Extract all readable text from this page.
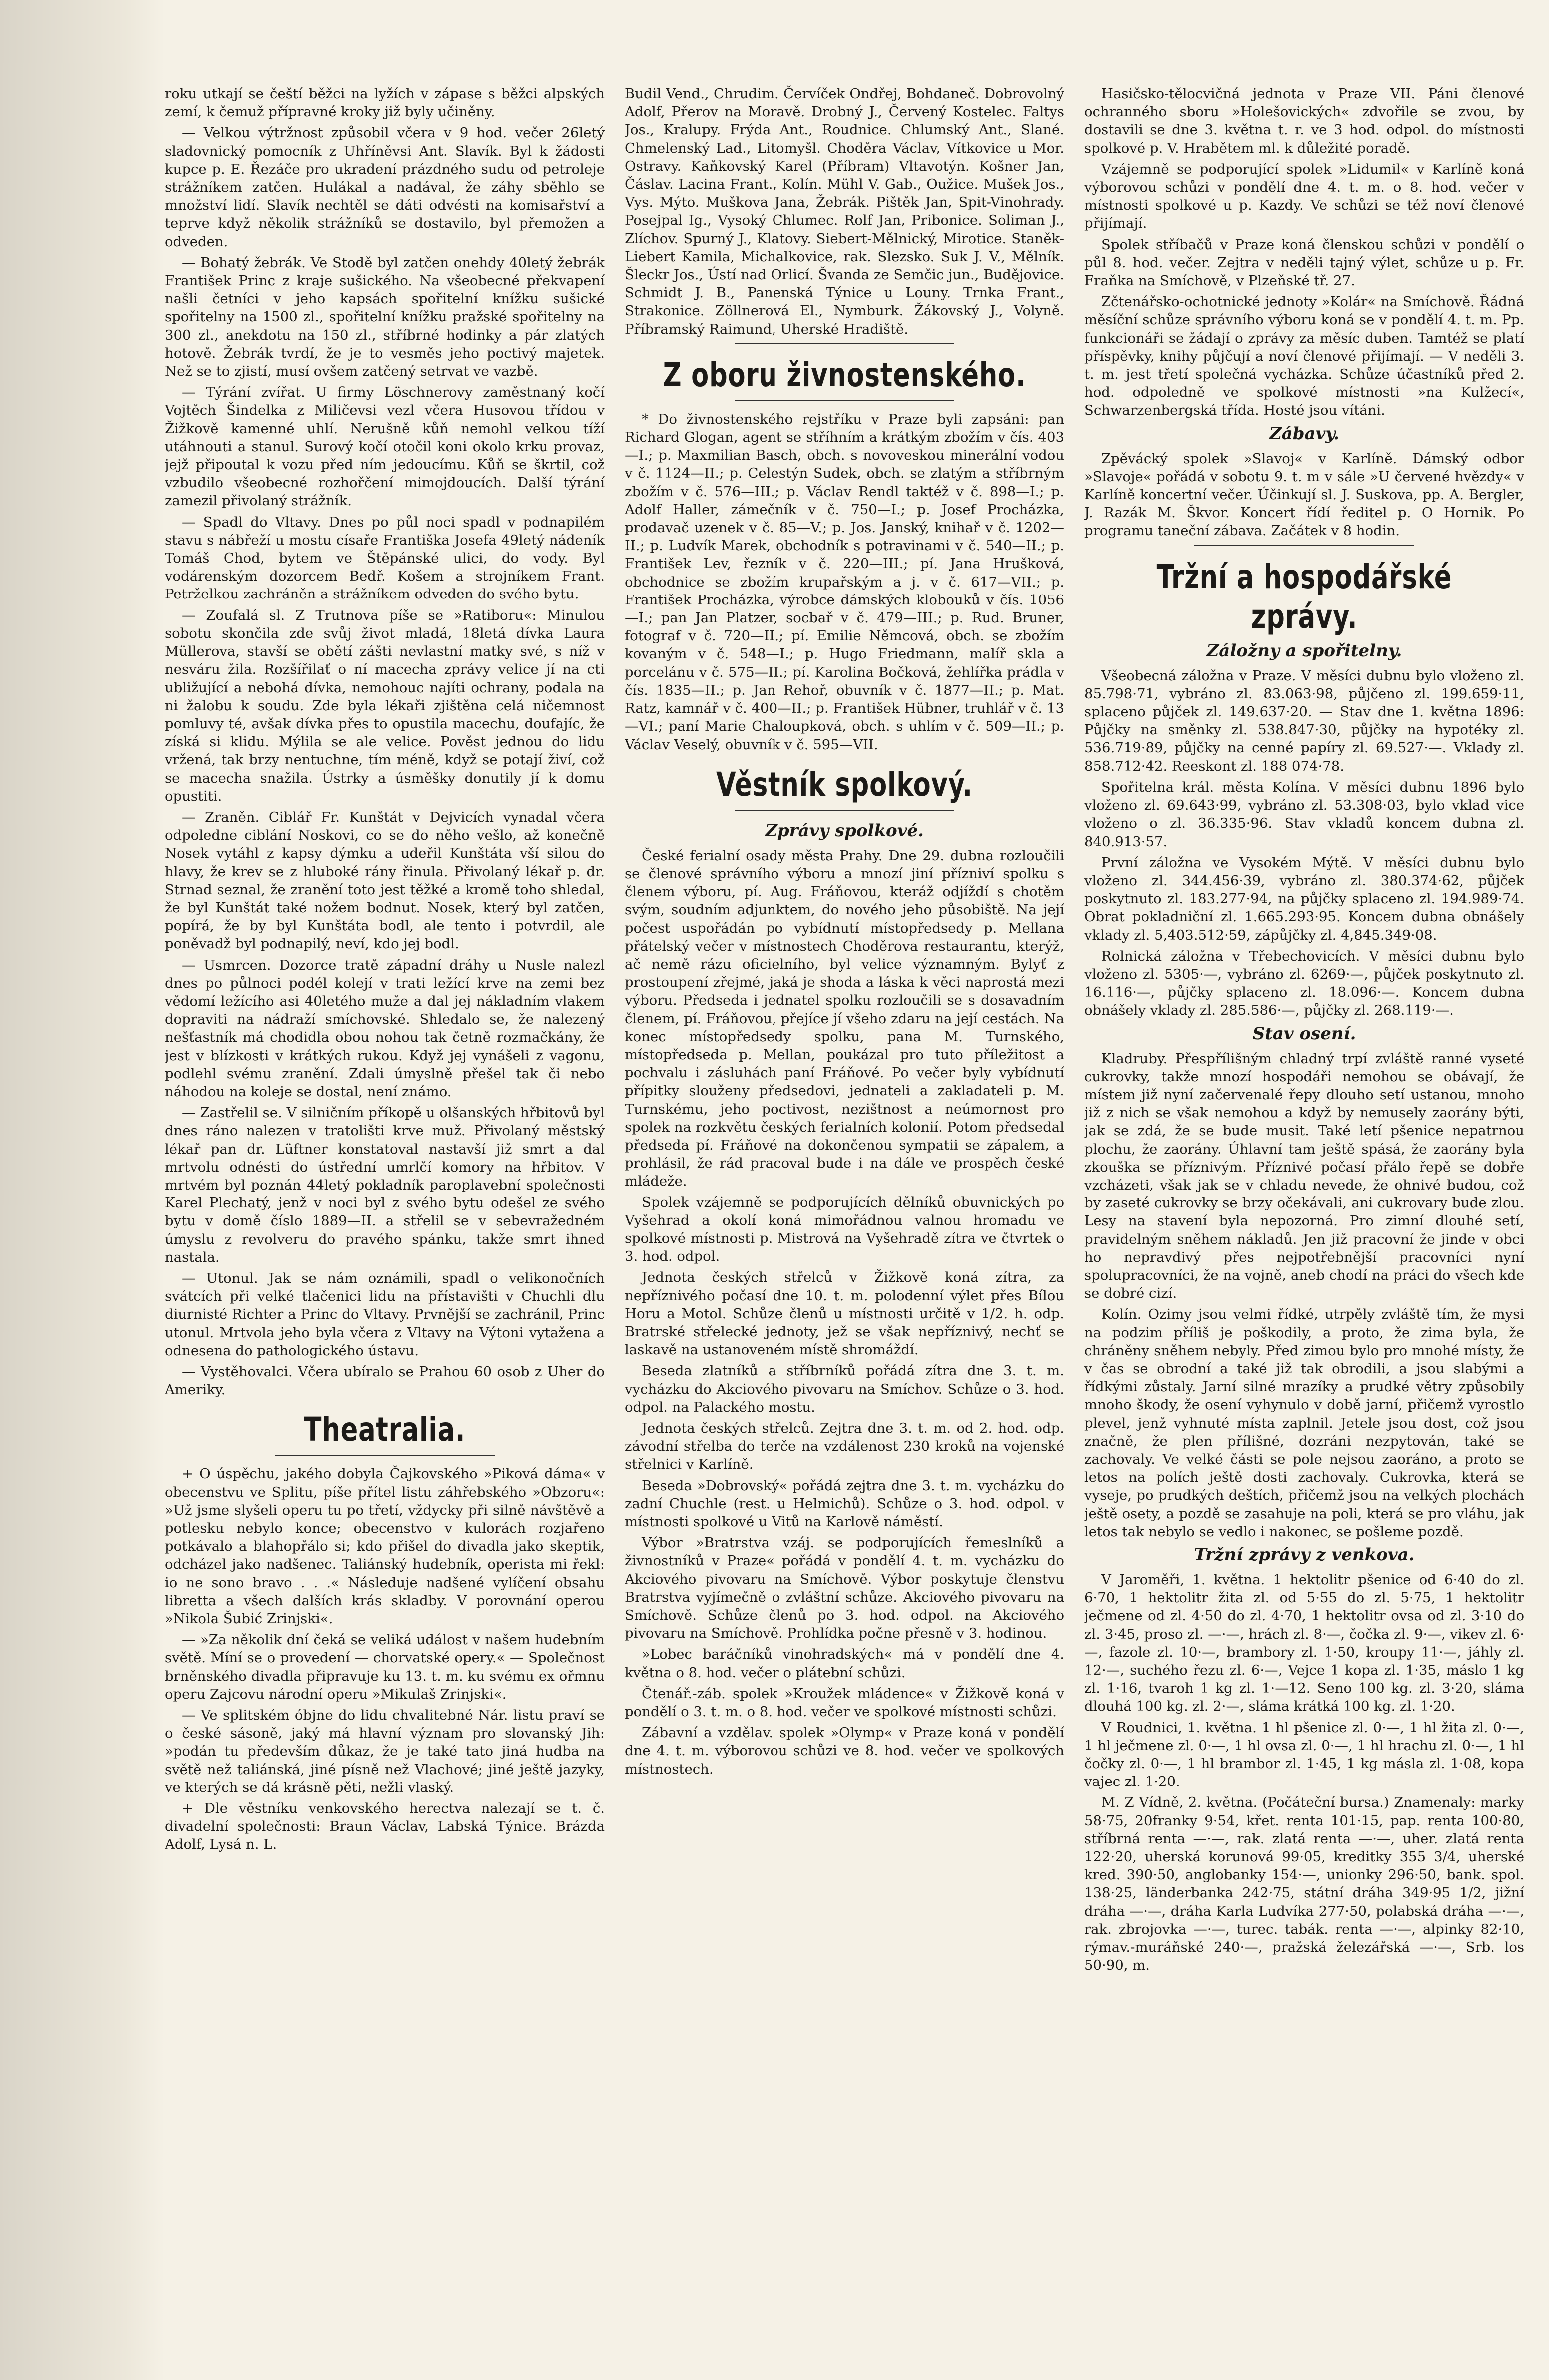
roku utkají se čeští běžci na lyžích v zápase s běžci alpských zemí, k čemuž přípravné kroky již byly učiněny.

— Velkou výtržnost způsobil včera v 9 hod. večer 26letý sladovnický pomocník z Uhříněvsi Ant. Slavík. Byl k žádosti kupce p. E. Řezáče pro ukradení prázdného sudu od petroleje strážníkem zatčen. Hulákal a nadával, že záhy sběhlo se množství lidí. Slavík nechtěl se dáti odvésti na komisařství a teprve když několik strážníků se dostavilo, byl přemožen a odveden.

— Bohatý žebrák. Ve Stodě byl zatčen onehdy 40letý žebrák František Princ z kraje sušického. Na všeobecné překvapení našli četníci v jeho kapsách spořitelní knížku sušické spořitelny na 1500 zl., spořitelní knížku pražské spořitelny na 300 zl., anekdotu na 150 zl., stříbrné hodinky a pár zlatých hotově. Žebrák tvrdí, že je to vesměs jeho poctivý majetek. Než se to zjistí, musí ovšem zatčený setrvat ve vazbě.

— Týrání zvířat. U firmy Löschnerovy zaměstnaný kočí Vojtěch Šindelka z Miličevsi vezl včera Husovou třídou v Žižkově kamenné uhlí. Nerušně kůň nemohl velkou tíží utáhnouti a stanul. Surový kočí otočil koni okolo krku provaz, jejž připoutal k vozu před ním jedoucímu. Kůň se škrtil, což vzbudilo všeobecné rozhořčení mimojdoucích. Další týrání zamezil přivolaný strážník.

— Spadl do Vltavy. Dnes po půl noci spadl v podnapilém stavu s nábřeží u mostu císaře Františka Josefa 49letý nádeník Tomáš Chod, bytem ve Štěpánské ulici, do vody. Byl vodárenským dozorcem Bedř. Košem a strojníkem Frant. Petrželkou zachráněn a strážníkem odveden do svého bytu.

— Zoufalá sl. Z Trutnova píše se »Ratiboru«: Minulou sobotu skončila zde svůj život mladá, 18letá dívka Laura Müllerova, stavší se obětí zášti nevlastní matky své, s níž v nesváru žila. Rozšířilať o ní macecha zprávy velice jí na cti ubližující a nebohá dívka, nemohouc najíti ochrany, podala na ni žalobu k soudu. Zde byla lékaři zjištěna celá ničemnost pomluvy té, avšak dívka přes to opustila macechu, doufajíc, že získá si klidu. Mýlila se ale velice. Pověst jednou do lidu vržená, tak brzy nentuchne, tím méně, když se potají živí, což se macecha snažila. Ústrky a úsměšky donutily jí k domu opustiti.

— Zraněn. Ciblář Fr. Kunštát v Dejvicích vynadal včera odpoledne ciblání Noskovi, co se do něho vešlo, až konečně Nosek vytáhl z kapsy dýmku a udeřil Kunštáta vší silou do hlavy, že krev se z hluboké rány řinula. Přivolaný lékař p. dr. Strnad seznal, že zranění toto jest těžké a kromě toho shledal, že byl Kunštát také nožem bodnut. Nosek, který byl zatčen, popírá, že by byl Kunštáta bodl, ale tento i potvrdil, ale poněvadž byl podnapilý, neví, kdo jej bodl.

— Usmrcen. Dozorce tratě západní dráhy u Nusle nalezl dnes po půlnoci podél kolejí v trati ležící krve na zemi bez vědomí ležícího asi 40letého muže a dal jej nákladním vlakem dopraviti na nádraží smíchovské. Shledalo se, že nalezený nešťastník má chodidla obou nohou tak četně rozmačkány, že jest v blízkosti v krátkých rukou. Když jej vynášeli z vagonu, podlehl svému zranění. Zdali úmyslně přešel tak či nebo náhodou na koleje se dostal, není známo.

— Zastřelil se. V silničním příkopě u olšanských hřbitovů byl dnes ráno nalezen v tratolišti krve muž. Přivolaný městský lékař pan dr. Lüftner konstatoval nastavší již smrt a dal mrtvolu odnésti do ústřední umrlčí komory na hřbitov. V mrtvém byl poznán 44letý pokladník paroplavební společnosti Karel Plechatý, jenž v noci byl z svého bytu odešel ze svého bytu v domě číslo 1889—II. a střelil se v sebevražedném úmyslu z revolveru do pravého spánku, takže smrt ihned nastala.

— Utonul. Jak se nám oznámili, spadl o velikonočních svátcích při velké tlačenici lidu na přístavišti v Chuchli dlu diurnisté Richter a Princ do Vltavy. Prvnější se zachránil, Princ utonul. Mrtvola jeho byla včera z Vltavy na Výtoni vytažena a odnesena do pathologického ústavu.

— Vystěhovalci. Včera ubíralo se Prahou 60 osob z Uher do Ameriky.

Theatralia.

+ O úspěchu, jakého dobyla Čajkovského »Piková dáma« v obecenstvu ve Splitu, píše přítel listu záhřebského »Obzoru«: »Už jsme slyšeli operu tu po třetí, vždycky při silně návštěvě a potlesku nebylo konce; obecenstvo v kulorách rozjařeno potkávalo a blahopřálo si; kdo přišel do divadla jako skeptik, odcházel jako nadšenec. Taliánský hudebník, operista mi řekl: io ne sono bravo . . .« Následuje nadšené vylíčení obsahu libretta a všech dalších krás skladby. V porovnání operou »Nikola Šubić Zrinjski«.

— »Za několik dní čeká se veliká událost v našem hudebním světě. Míní se o provedení — chorvatské opery.« — Společnost brněnského divadla připravuje ku 13. t. m. ku svému ex ořmnu operu Zajcovu národní operu »Mikulaš Zrinjski«.

— Ve splitském óbjne do lidu chvalitebné Nár. listu praví se o české sásoně, jaký má hlavní význam pro slovanský Jih: »podán tu především důkaz, že je také tato jiná hudba na světě než taliánská, jiné písně než Vlachové; jiné ještě jazyky, ve kterých se dá krásně pěti, nežli vlaský.

+ Dle věstníku venkovského herectva nalezají se t. č. divadelní společnosti: Braun Václav, Labská Týnice. Brázda Adolf, Lysá n. L.

Budil Vend., Chrudim. Červíček Ondřej, Bohdaneč. Dobrovolný Adolf, Přerov na Moravě. Drobný J., Červený Kostelec. Faltys Jos., Kralupy. Frýda Ant., Roudnice. Chlumský Ant., Slané. Chmelenský Lad., Litomyšl. Choděra Václav, Vítkovice u Mor. Ostravy. Kaňkovský Karel (Příbram) Vltavotýn. Košner Jan, Čáslav. Lacina Frant., Kolín. Mühl V. Gab., Oužice. Mušek Jos., Vys. Mýto. Muškova Jana, Žebrák. Pištěk Jan, Spit-Vinohrady. Posejpal Ig., Vysoký Chlumec. Rolf Jan, Pribonice. Soliman J., Zlíchov. Spurný J., Klatovy. Siebert-Mělnický, Mirotice. Staněk-Liebert Kamila, Michalkovice, rak. Slezsko. Suk J. V., Mělník. Šleckr Jos., Ústí nad Orlicí. Švanda ze Semčic jun., Budějovice. Schmidt J. B., Panenská Týnice u Louny. Trnka Frant., Strakonice. Zöllnerová El., Nymburk. Žákovský J., Volyně. Příbramský Raimund, Uherské Hradiště.

Z oboru živnostenského.

* Do živnostenského rejstříku v Praze byli zapsáni: pan Richard Glogan, agent se stříhním a krátkým zbožím v čís. 403—I.; p. Maxmilian Basch, obch. s novoveskou minerální vodou v č. 1124—II.; p. Celestýn Sudek, obch. se zlatým a stříbrným zbožím v č. 576—III.; p. Václav Rendl taktéž v č. 898—I.; p. Adolf Haller, zámečník v č. 750—I.; p. Josef Procházka, prodavač uzenek v č. 85—V.; p. Jos. Janský, knihař v č. 1202—II.; p. Ludvík Marek, obchodník s potravinami v č. 540—II.; p. František Lev, řezník v č. 220—III.; pí. Jana Hrušková, obchodnice se zbožím krupařským a j. v č. 617—VII.; p. František Procházka, výrobce dámských klobouků v čís. 1056—I.; pan Jan Platzer, socbař v č. 479—III.; p. Rud. Bruner, fotograf v č. 720—II.; pí. Emilie Němcová, obch. se zbožím kovaným v č. 548—I.; p. Hugo Friedmann, malíř skla a porcelánu v č. 575—II.; pí. Karolina Bočková, žehlířka prádla v čís. 1835—II.; p. Jan Rehoř, obuvník v č. 1877—II.; p. Mat. Ratz, kamnář v č. 400—II.; p. František Hübner, truhlář v č. 13—VI.; paní Marie Chaloupková, obch. s uhlím v č. 509—II.; p. Václav Veselý, obuvník v č. 595—VII.

Věstník spolkový.
Zprávy spolkové.

České ferialní osady města Prahy. Dne 29. dubna rozloučili se členové správního výboru a mnozí jiní přízniví spolku s členem výboru, pí. Aug. Fráňovou, kteráž odjíždí s chotěm svým, soudním adjunktem, do nového jeho působiště. Na její počest uspořádán po vybídnutí místopředsedy p. Mellana přátelský večer v místnostech Choděrova restaurantu, kterýž, ač nemě rázu oficielního, byl velice významným. Bylyť z prostoupení zřejmé, jaká je shoda a láska k věci naprostá mezi výboru. Předseda i jednatel spolku rozloučili se s dosavadním členem, pí. Fráňovou, přejíce jí všeho zdaru na její cestách. Na konec místopředsedy spolku, pana M. Turnského, místopředseda p. Mellan, poukázal pro tuto příležitost a pochvalu i zásluhách paní Fráňové. Po večer byly vybídnutí přípitky slouženy předsedovi, jednateli a zakladateli p. M. Turnskému, jeho poctivost, nezištnost a neúmornost pro spolek na rozkvětu českých ferialních kolonií. Potom předsedal předseda pí. Fráňové na dokončenou sympatii se zápalem, a prohlásil, že rád pracoval bude i na dále ve prospěch české mládeže.

Spolek vzájemně se podporujících dělníků obuvnických po Vyšehrad a okolí koná mimořádnou valnou hromadu ve spolkové místnosti p. Mistrová na Vyšehradě zítra ve čtvrtek o 3. hod. odpol.

Jednota českých střelců v Žižkově koná zítra, za nepříznivého počasí dne 10. t. m. polodenní výlet přes Bílou Horu a Motol. Schůze členů u místnosti určitě v 1/2. h. odp. Bratrské střelecké jednoty, jež se však nepříznivý, nechť se laskavě na ustanoveném místě shromáždí.

Beseda zlatníků a stříbrníků pořádá zítra dne 3. t. m. vycházku do Akciového pivovaru na Smíchov. Schůze o 3. hod. odpol. na Palackého mostu.

Jednota českých střelců. Zejtra dne 3. t. m. od 2. hod. odp. závodní střelba do terče na vzdálenost 230 kroků na vojenské střelnici v Karlíně.

Beseda »Dobrovský« pořádá zejtra dne 3. t. m. vycházku do zadní Chuchle (rest. u Helmichů). Schůze o 3. hod. odpol. v místnosti spolkové u Vitů na Karlově náměstí.

Výbor »Bratrstva vzáj. se podporujících řemeslníků a živnostníků v Praze« pořádá v pondělí 4. t. m. vycházku do Akciového pivovaru na Smíchově. Výbor poskytuje členstvu Bratrstva vyjímečně o zvláštní schůze. Akciového pivovaru na Smíchově. Schůze členů po 3. hod. odpol. na Akciového pivovaru na Smíchově. Prohlídka počne přesně v 3. hodinou.

»Lobec baráčníků vinohradských« má v pondělí dne 4. května o 8. hod. večer o plátební schůzi.

Čtenář.-záb. spolek »Kroužek mládence« v Žižkově koná v pondělí o 3. t. m. o 8. hod. večer ve spolkové místnosti schůzi.

Zábavní a vzdělav. spolek »Olymp« v Praze koná v pondělí dne 4. t. m. výborovou schůzi ve 8. hod. večer ve spolkových místnostech.

Hasičsko-tělocvičná jednota v Praze VII. Páni členové ochranného sboru »Holešovických« zdvořile se zvou, by dostavili se dne 3. května t. r. ve 3 hod. odpol. do místnosti spolkové p. V. Hrabětem ml. k důležité poradě.

Vzájemně se podporující spolek »Lidumil« v Karlíně koná výborovou schůzi v pondělí dne 4. t. m. o 8. hod. večer v místnosti spolkové u p. Kazdy. Ve schůzi se též noví členové přijímají.

Spolek stříbačů v Praze koná členskou schůzi v pondělí o půl 8. hod. večer. Zejtra v neděli tajný výlet, schůze u p. Fr. Fraňka na Smíchově, v Plzeňské tř. 27.

Zčtenářsko-ochotnické jednoty »Kolár« na Smíchově. Řádná měsíční schůze správního výboru koná se v pondělí 4. t. m. Pp. funkcionáři se žádají o zprávy za měsíc duben. Tamtéž se platí příspěvky, knihy půjčují a noví členové přijímají. — V neděli 3. t. m. jest třetí společná vycházka. Schůze účastníků před 2. hod. odpoledně ve spolkové místnosti »na Kulžecí«, Schwarzenbergská třída. Hosté jsou vítáni.

Zábavy.

Zpěvácký spolek »Slavoj« v Karlíně. Dámský odbor »Slavoje« pořádá v sobotu 9. t. m v sále »U červené hvězdy« v Karlíně koncertní večer. Účinkují sl. J. Suskova, pp. A. Bergler, J. Razák M. Škvor. Koncert řídí ředitel p. O Hornik. Po programu taneční zábava. Začátek v 8 hodin.

Tržní a hospodářské zprávy.
Záložny a spořitelny.

Všeobecná záložna v Praze. V měsíci dubnu bylo vloženo zl. 85.798·71, vybráno zl. 83.063·98, půjčeno zl. 199.659·11, splaceno půjček zl. 149.637·20. — Stav dne 1. května 1896: Půjčky na směnky zl. 538.847·30, půjčky na hypotéky zl. 536.719·89, půjčky na cenné papíry zl. 69.527·—. Vklady zl. 858.712·42. Reeskont zl. 188 074·78.

Spořitelna král. města Kolína. V měsíci dubnu 1896 bylo vloženo zl. 69.643·99, vybráno zl. 53.308·03, bylo vklad vice vloženo o zl. 36.335·96. Stav vkladů koncem dubna zl. 840.913·57.

První záložna ve Vysokém Mýtě. V měsíci dubnu bylo vloženo zl. 344.456·39, vybráno zl. 380.374·62, půjček poskytnuto zl. 183.277·94, na půjčky splaceno zl. 194.989·74. Obrat pokladniční zl. 1.665.293·95. Koncem dubna obnášely vklady zl. 5,403.512·59, zápůjčky zl. 4,845.349·08.

Rolnická záložna v Třebechovicích. V měsíci dubnu bylo vloženo zl. 5305·—, vybráno zl. 6269·—, půjček poskytnuto zl. 16.116·—, půjčky splaceno zl. 18.096·—. Koncem dubna obnášely vklady zl. 285.586·—, půjčky zl. 268.119·—.

Stav osení.

Kladruby. Přespřílišným chladný trpí zvláště ranné vyseté cukrovky, takže mnozí hospodáři nemohou se obávají, že místem již nyní začervenalé řepy dlouho setí ustanou, mnoho již z nich se však nemohou a když by nemusely zaorány býti, jak se zdá, že se bude musit. Také letí pšenice nepatrnou plochu, že zaorány. Úhlavní tam ještě spásá, že zaorány byla zkouška se příznivým. Příznivé počasí přálo řepě se dobře vzcházeti, však jak se v chladu nevede, že ohnivé budou, což by zaseté cukrovky se brzy očekávali, ani cukrovary bude zlou. Lesy na stavení byla nepozorná. Pro zimní dlouhé setí, pravidelným sněhem nákladů. Jen již pracovní že jinde v obci ho nepravdivý přes nejpotřebnější pracovníci nyní spolupracovníci, že na vojně, aneb chodí na práci do všech kde se dobré cizí.

Kolín. Ozimy jsou velmi řídké, utrpěly zvláště tím, že mysi na podzim příliš je poškodily, a proto, že zima byla, že chráněny sněhem nebyly. Před zimou bylo pro mnohé místy, že v čas se obrodní a také již tak obrodili, a jsou slabými a řídkými zůstaly. Jarní silné mrazíky a prudké větry způsobily mnoho škody, že osení vyhynulo v době jarní, přičemž vyrostlo plevel, jenž vyhnuté místa zaplnil. Jetele jsou dost, což jsou značně, že plen přílišné, dozráni nezpytován, také se zachovaly. Ve velké části se pole nejsou zaoráno, a proto se letos na polích ještě dosti zachovaly. Cukrovka, která se vyseje, po prudkých deštích, přičemž jsou na velkých plochách ještě osety, a pozdě se zasahuje na poli, která se pro vláhu, jak letos tak nebylo se vedlo i nakonec, se pošleme pozdě.

Tržní zprávy z venkova.

V Jaroměři, 1. května. 1 hektolitr pšenice od 6·40 do zl. 6·70, 1 hektolitr žita zl. od 5·55 do zl. 5·75, 1 hektolitr ječmene od zl. 4·50 do zl. 4·70, 1 hektolitr ovsa od zl. 3·10 do zl. 3·45, proso zl. —·—, hrách zl. 8·—, čočka zl. 9·—, vikev zl. 6·—, fazole zl. 10·—, brambory zl. 1·50, kroupy 11·—, jáhly zl. 12·—, suchého řezu zl. 6·—, Vejce 1 kopa zl. 1·35, máslo 1 kg zl. 1·16, tvaroh 1 kg zl. 1·—12. Seno 100 kg. zl. 3·20, sláma dlouhá 100 kg. zl. 2·—, sláma krátká 100 kg. zl. 1·20.

V Roudnici, 1. května. 1 hl pšenice zl. 0·—, 1 hl žita zl. 0·—, 1 hl ječmene zl. 0·—, 1 hl ovsa zl. 0·—, 1 hl hrachu zl. 0·—, 1 hl čočky zl. 0·—, 1 hl brambor zl. 1·45, 1 kg másla zl. 1·08, kopa vajec zl. 1·20.

M. Z Vídně, 2. května. (Počáteční bursa.) Znamenaly: marky 58·75, 20franky 9·54, křet. renta 101·15, pap. renta 100·80, stříbrná renta —·—, rak. zlatá renta —·—, uher. zlatá renta 122·20, uherská korunová 99·05, kreditky 355 3/4, uherské kred. 390·50, anglobanky 154·—, unionky 296·50, bank. spol. 138·25, länderbanka 242·75, státní dráha 349·95 1/2, jižní dráha —·—, dráha Karla Ludvíka 277·50, polabská dráha —·—, rak. zbrojovka —·—, turec. tabák. renta —·—, alpinky 82·10, rýmav.-muráňské 240·—, pražská železářská —·—, Srb. los 50·90, m.
